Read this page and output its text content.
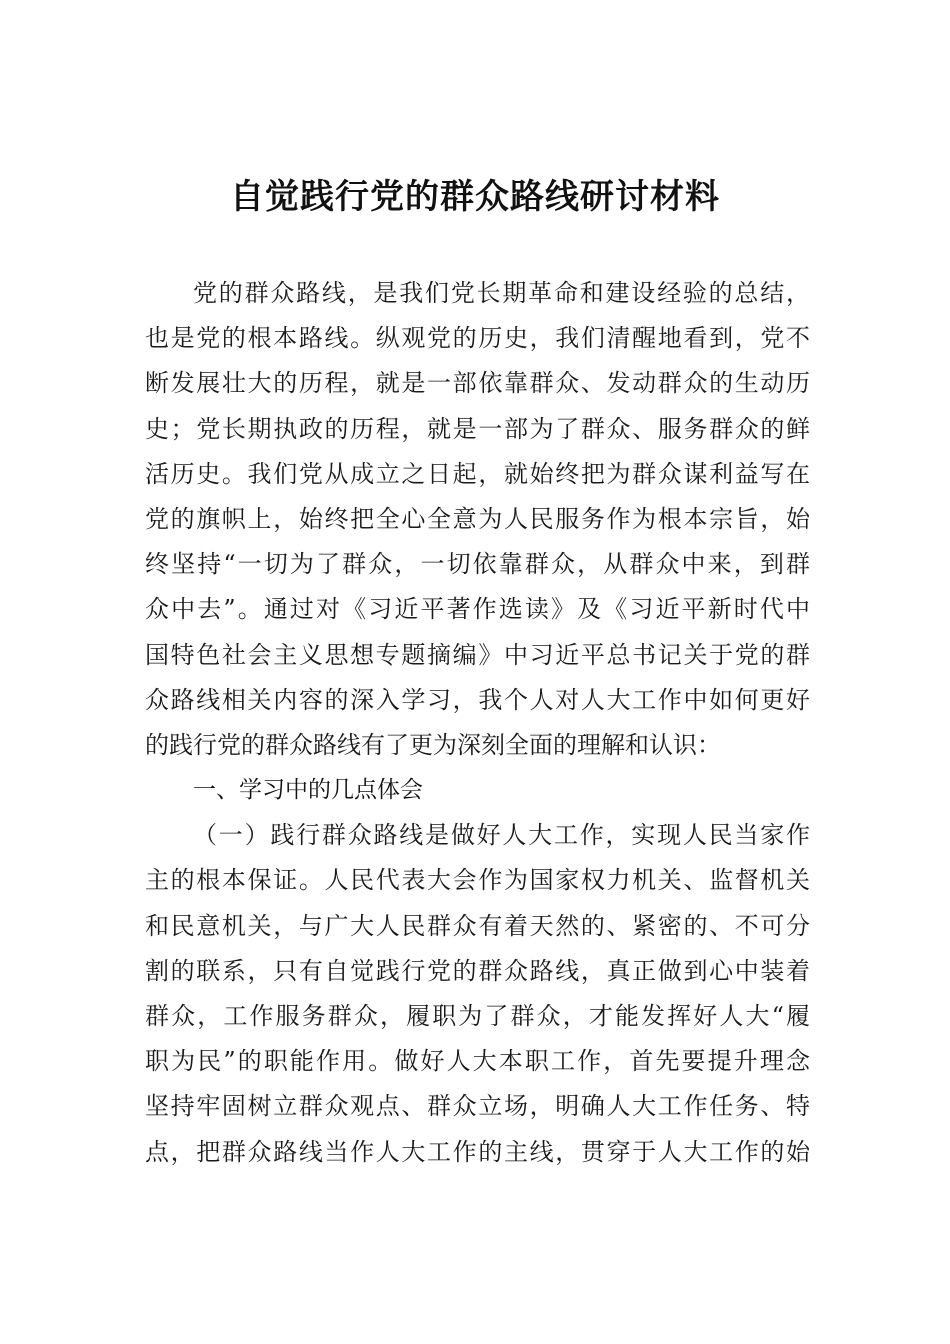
自觉践行党的群众路线研讨材料
党的群众路线，是我们党长期革命和建设经验的总结，
也是党的根本路线。纵观党的历史，我们清醒地看到，党不
断发展壮大的历程，就是一部依靠群众、发动群众的生动历
史；党长期执政的历程，就是一部为了群众、服务群众的鲜
活历史。我们党从成立之日起，就始终把为群众谋利益写在
党的旗帜上，始终把全心全意为人民服务作为根本宗旨，始
终坚持“一切为了群众，一切依靠群众，从群众中来，到群
众中去”。通过对《习近平著作选读》及《习近平新时代中
国特色社会主义思想专题摘编》中习近平总书记关于党的群
众路线相关内容的深入学习，我个人对人大工作中如何更好
的践行党的群众路线有了更为深刻全面的理解和认识：
一、学习中的几点体会
（一）践行群众路线是做好人大工作，实现人民当家作
主的根本保证。人民代表大会作为国家权力机关、监督机关
和民意机关，与广大人民群众有着天然的、紧密的、不可分
割的联系，只有自觉践行党的群众路线，真正做到心中装着
群众，工作服务群众，履职为了群众，才能发挥好人大“履
职为民”的职能作用。做好人大本职工作，首先要提升理念
坚持牢固树立群众观点、群众立场，明确人大工作任务、特
点，把群众路线当作人大工作的主线，贯穿于人大工作的始
